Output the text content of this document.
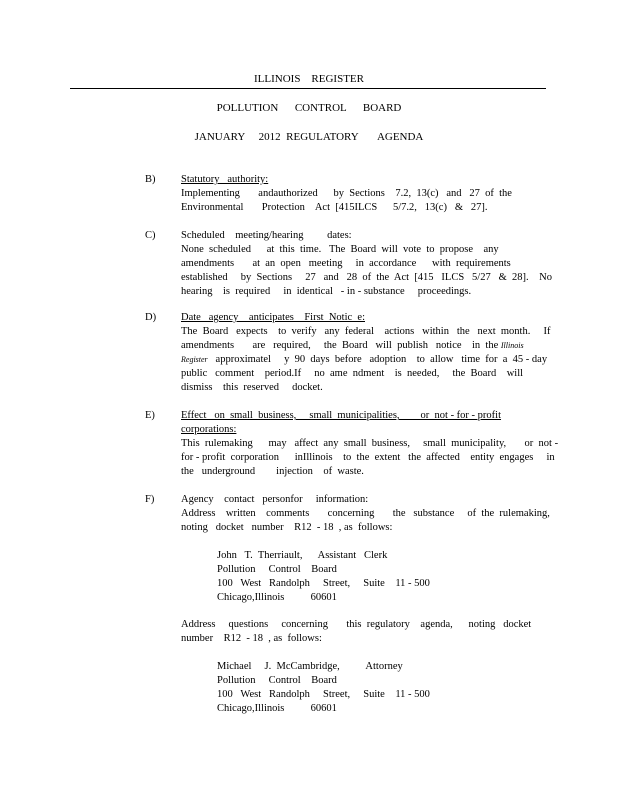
ILLINOIS    REGISTER
POLLUTION      CONTROL      BOARD
JANUARY     2012  REGULATORY       AGENDA
B) Statutory   authority:
Implementing       andauthorized      by  Sections    7.2,  13(c)   and   27  of  the
Environmental       Protection    Act  [415ILCS      5/7.2,   13(c)   &   27].
C) Scheduled    meeting/hearing         dates:
None  scheduled      at  this  time.   The  Board  will  vote  to  propose    any
amendments       at  an  open   meeting     in  accordance      with  requirements
established     by  Sections     27   and   28  of  the  Act  [415   ILCS   5/27   &  28].    No
hearing    is  required     in  identical   - in - substance     proceedings.
D) Date   agency    anticipates    First  Notic  e:
The  Board   expects    to  verify   any  federal    actions   within   the   next  month.     If
amendments       are   required,     the  Board   will  publish   notice    in  the Illinois
Register   approximatel     y  90  days  before   adoption    to  allow   time  for  a  45 - day
public   comment    period.If     no  ame  ndment    is  needed,     the  Board    will
dismiss    this  reserved     docket.
E) Effect   on  small  business,     small  municipalities,        or  not - for - profit
corporations:
This  rulemaking      may   affect  any  small  business,     small  municipality,       or  not -
for - profit  corporation      inIllinois    to  the  extent   the  affected    entity  engages     in
the   underground        injection    of  waste.
F)	Agency    contact   personfor     information:
Address    written    comments       concerning       the   substance     of  the  rulemaking,
noting   docket   number    R12  - 18  , as  follows:
John   T.  Therriault,      Assistant   Clerk
Pollution     Control    Board
100   West   Randolph     Street,     Suite    11 - 500
Chicago,Illinois          60601
Address     questions     concerning       this  regulatory    agenda,      noting   docket
number    R12  - 18  , as  follows:
Michael     J.  McCambridge,          Attorney
Pollution     Control    Board
100   West   Randolph     Street,     Suite    11 - 500
Chicago,Illinois          60601
